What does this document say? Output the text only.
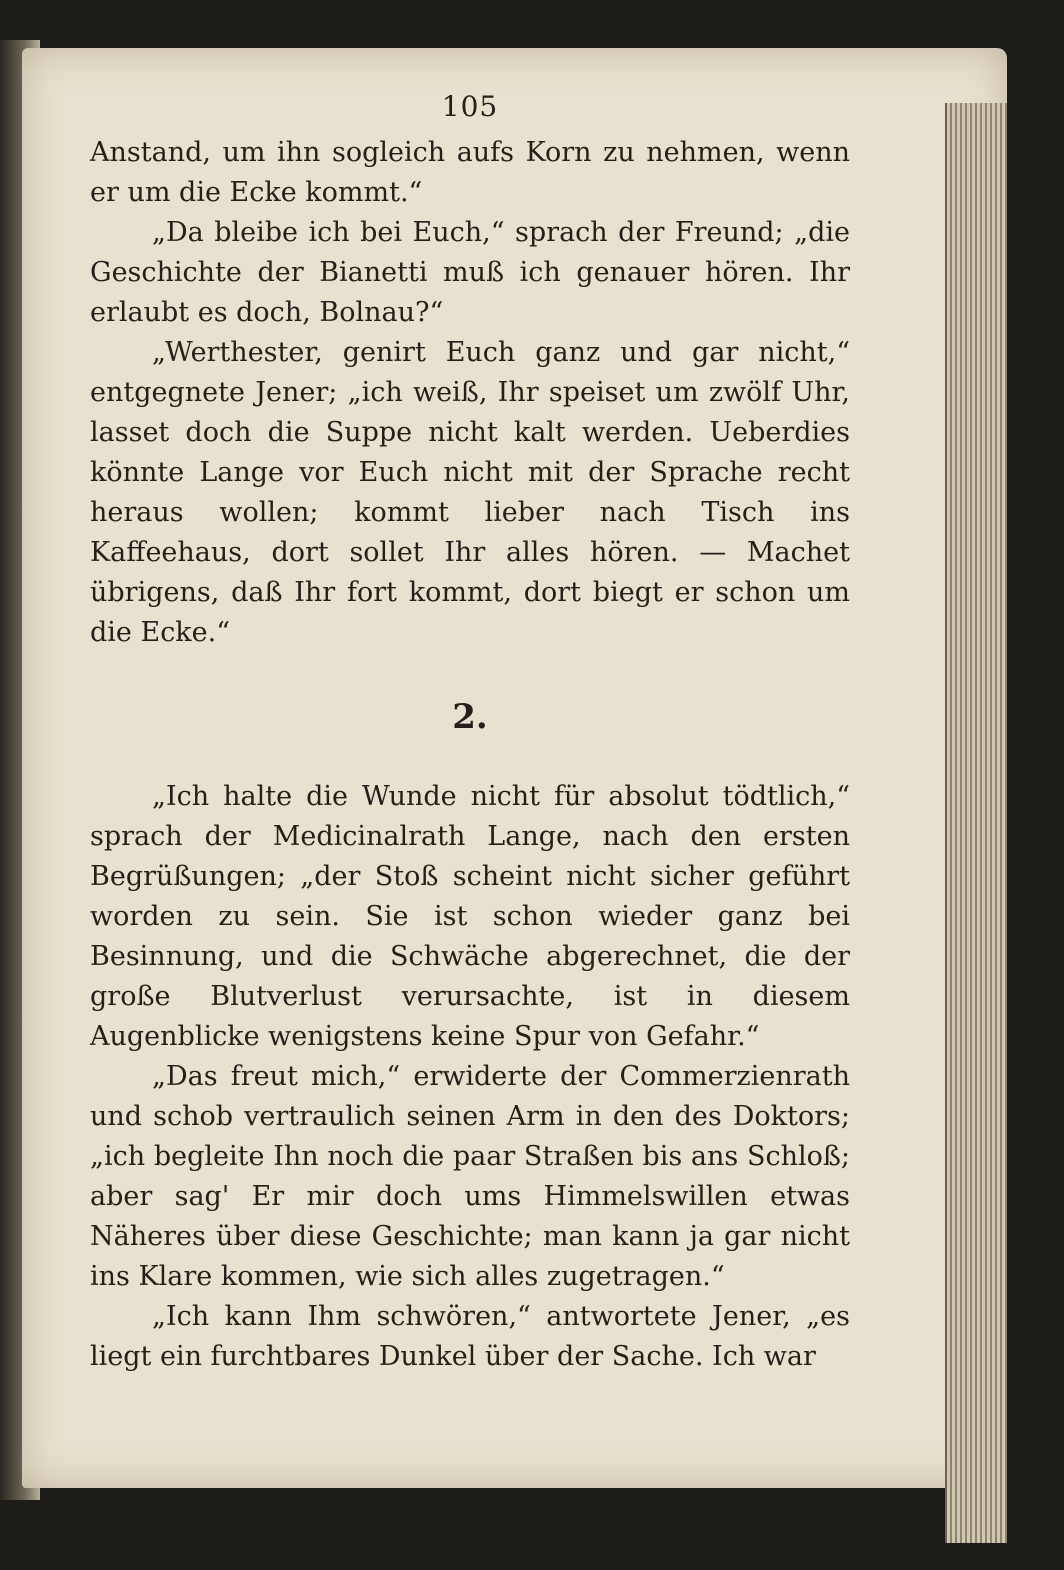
105

Anstand, um ihn sogleich aufs Korn zu nehmen, wenn er um die Ecke kommt.“

„Da bleibe ich bei Euch,“ sprach der Freund; „die Geschichte der Bianetti muß ich genauer hören. Ihr erlaubt es doch, Bolnau?“

„Werthester, genirt Euch ganz und gar nicht,“ entgegnete Jener; „ich weiß, Ihr speiset um zwölf Uhr, lasset doch die Suppe nicht kalt werden. Ueberdies könnte Lange vor Euch nicht mit der Sprache recht heraus wollen; kommt lieber nach Tisch ins Kaffeehaus, dort sollet Ihr alles hören. — Machet übrigens, daß Ihr fort kommt, dort biegt er schon um die Ecke.“

2.

„Ich halte die Wunde nicht für absolut tödtlich,“ sprach der Medicinalrath Lange, nach den ersten Begrüßungen; „der Stoß scheint nicht sicher geführt worden zu sein. Sie ist schon wieder ganz bei Besinnung, und die Schwäche abgerechnet, die der große Blutverlust verursachte, ist in diesem Augenblicke wenigstens keine Spur von Gefahr.“

„Das freut mich,“ erwiderte der Commerzienrath und schob vertraulich seinen Arm in den des Doktors; „ich begleite Ihn noch die paar Straßen bis ans Schloß; aber sag' Er mir doch ums Himmelswillen etwas Näheres über diese Geschichte; man kann ja gar nicht ins Klare kommen, wie sich alles zugetragen.“

„Ich kann Ihm schwören,“ antwortete Jener, „es liegt ein furchtbares Dunkel über der Sache. Ich war
